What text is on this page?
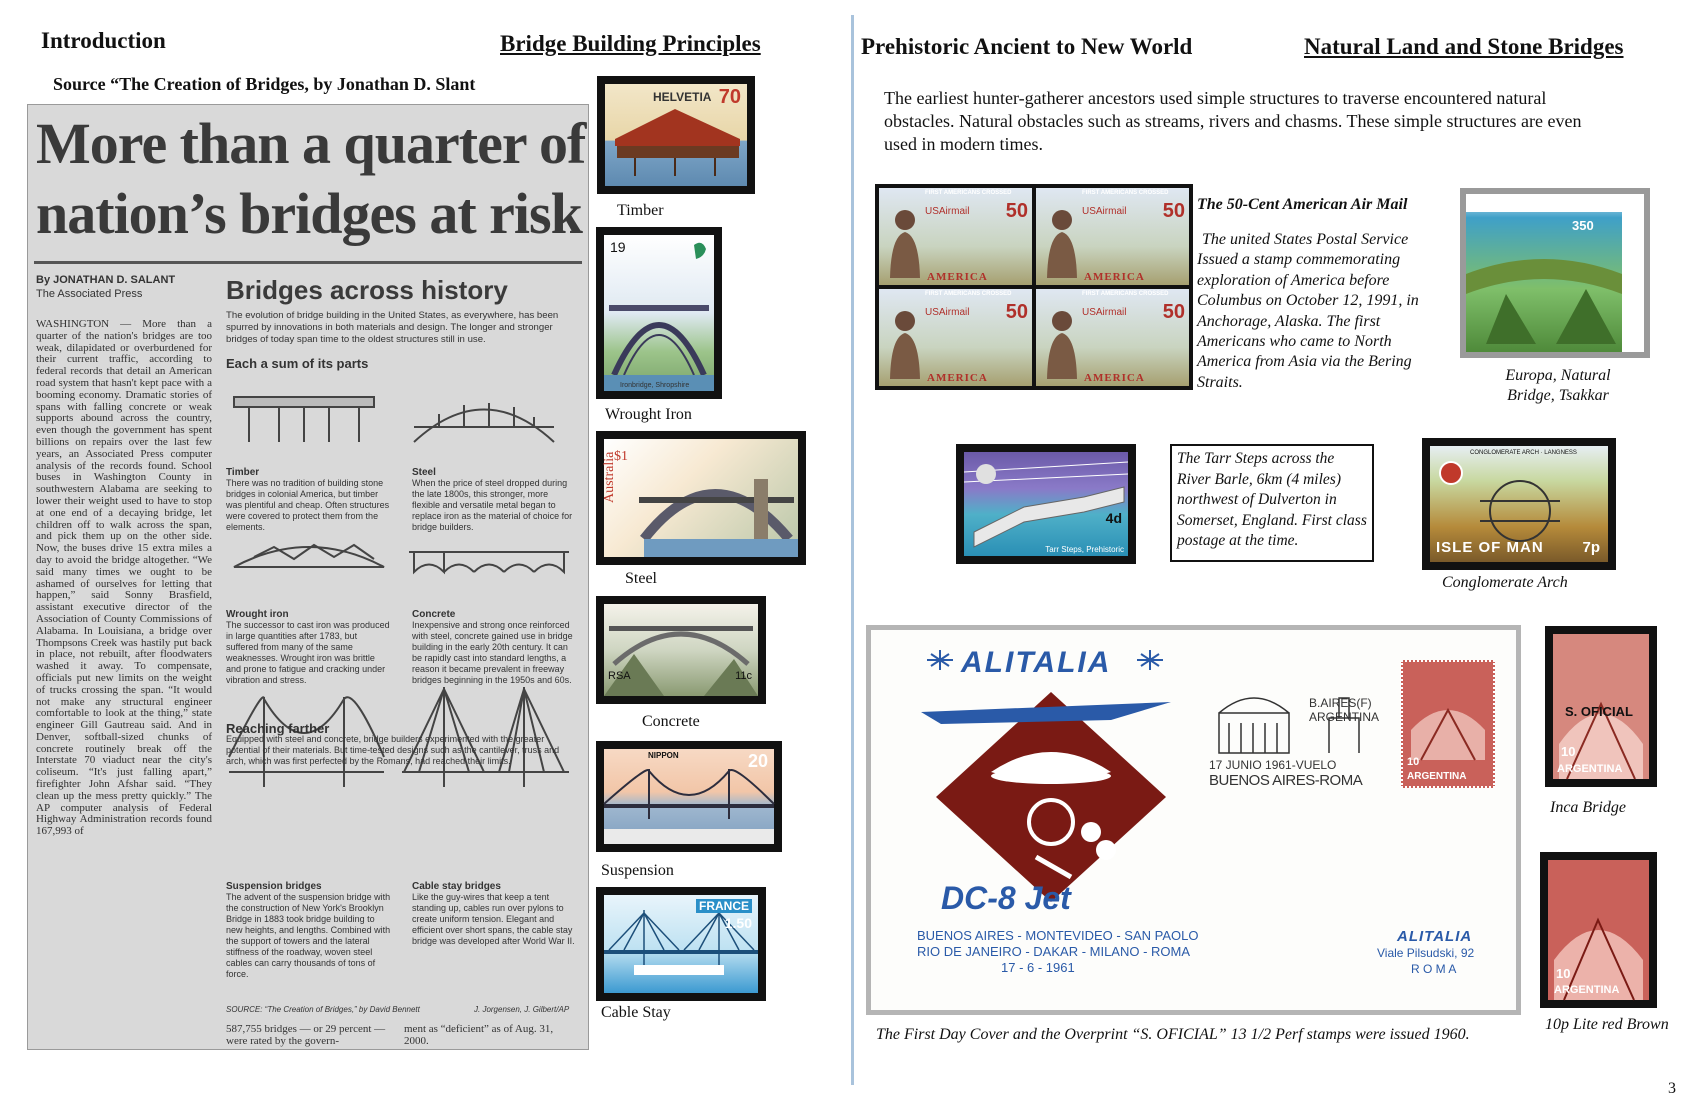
Introduction	Bridge Building Principles
Source “The Creation of Bridges, by Jonathan D. Slant
More than a quarter of
nation’s bridges at risk
By JONATHAN D. SALANT
The Associated Press
WASHINGTON — More than a quarter of the nation's bridges are too weak, dilapidated or overburdened for their current traffic, according to federal records that detail an American road system that hasn't kept pace with a booming economy. Dramatic stories of spans with falling concrete or weak supports abound across the country, even though the government has spent billions on repairs over the last few years, an Associated Press computer analysis of the records found. School buses in Washington County in southwestern Alabama are seeking to lower their weight used to have to stop at one end of a decaying bridge, let children off to walk across the span, and pick them up on the other side. Now, the buses drive 15 extra miles a day to avoid the bridge altogether. “We said many times we ought to be ashamed of ourselves for letting that happen,” said Sonny Brasfield, assistant executive director of the Association of County Commissions of Alabama. In Louisiana, a bridge over Thompsons Creek was hastily put back in place, not rebuilt, after floodwaters washed it away. To compensate, officials put new limits on the weight of trucks crossing the span. “It would not make any structural engineer comfortable to look at the thing,” state engineer Gill Gautreau said. And in Denver, softball-sized chunks of concrete routinely break off the Interstate 70 viaduct near the city's coliseum. “It's just falling apart,” firefighter John Afshar said. “They clean up the mess pretty quickly.” The AP computer analysis of Federal Highway Administration records found 167,993 of
Bridges across history
The evolution of bridge building in the United States, as everywhere, has been spurred by innovations in both materials and design. The longer and stronger bridges of today span time to the oldest structures still in use.
Each a sum of its parts
Timber
There was no tradition of building stone bridges in colonial America, but timber was plentiful and cheap. Often structures were covered to protect them from the elements.
Steel
When the price of steel dropped during the late 1800s, this stronger, more flexible and versatile metal began to replace iron as the material of choice for bridge builders.
Wrought iron
The successor to cast iron was produced in large quantities after 1783, but suffered from many of the same weaknesses. Wrought iron was brittle and prone to fatigue and cracking under vibration and stress.
Concrete
Inexpensive and strong once reinforced with steel, concrete gained use in bridge building in the early 20th century. It can be rapidly cast into standard lengths, a reason it became prevalent in freeway bridges beginning in the 1950s and 60s.
Reaching farther
Equipped with steel and concrete, bridge builders experimented with the greater potential of their materials. But time-tested designs such as the cantilever, truss and arch, which was first perfected by the Romans, had reached their limits.
Suspension bridges
The advent of the suspension bridge with the construction of New York's Brooklyn Bridge in 1883 took bridge building to new heights, and lengths. Combined with the support of towers and the lateral stiffness of the roadway, woven steel cables can carry thousands of tons of force.
Cable stay bridges
Like the guy-wires that keep a tent standing up, cables run over pylons to create uniform tension. Elegant and efficient over short spans, the cable stay bridge was developed after World War II.
SOURCE: “The Creation of Bridges,” by David Bennett	J. Jorgensen, J. Gilbert/AP
587,755 bridges — or 29 percent — were rated by the govern-
ment as “deficient” as of Aug. 31, 2000.
HELVETIA 70
Timber
19
Ironbridge, Shropshire
Wrought Iron
$1
Australia
Steel
RSA	11c
Concrete
NIPPON	20
Suspension
FRANCE
1.50
Cable Stay
Prehistoric Ancient to New World	Natural Land and Stone Bridges
The earliest hunter-gatherer ancestors used simple structures to traverse encountered natural obstacles. Natural obstacles such as streams, rivers and chasms. These simple structures are even used in modern times.
FIRST AMERICANS CROSSED
USAirmail 50
AMERICA
FIRST AMERICANS CROSSED
USAirmail 50
AMERICA
FIRST AMERICANS CROSSED
USAirmail 50
AMERICA
FIRST AMERICANS CROSSED
USAirmail 50
AMERICA
The 50-Cent American Air Mail
The united States Postal Service Issued a stamp commemorating exploration of America before Columbus on October 12, 1991, in Anchorage, Alaska. The first Americans who came to North America from Asia via the Bering Straits.
350
Europa, Natural Bridge, Tsakkar
4d
Tarr Steps, Prehistoric
The Tarr Steps across the River Barle, 6km (4 miles) northwest of Dulverton in Somerset, England. First class postage at the time.
CONGLOMERATE ARCH · LANGNESS
ISLE OF MAN	7p
Conglomerate Arch
ALITALIA
DC-8 Jet
B.AIRES(F)
ARGENTINA
17 JUNIO 1961-VUELO
BUENOS AIRES-ROMA
10
ARGENTINA
BUENOS AIRES - MONTEVIDEO - SAN PAOLO
RIO DE JANEIRO - DAKAR - MILANO - ROMA
17 - 6 - 1961
ALITALIA
Viale Pilsudski, 92
R O M A
The First Day Cover and the Overprint “S. OFICIAL” 13 1/2 Perf stamps were issued 1960.
S. OFICIAL
10
ARGENTINA
Inca Bridge
10
ARGENTINA
10p Lite red Brown
3
